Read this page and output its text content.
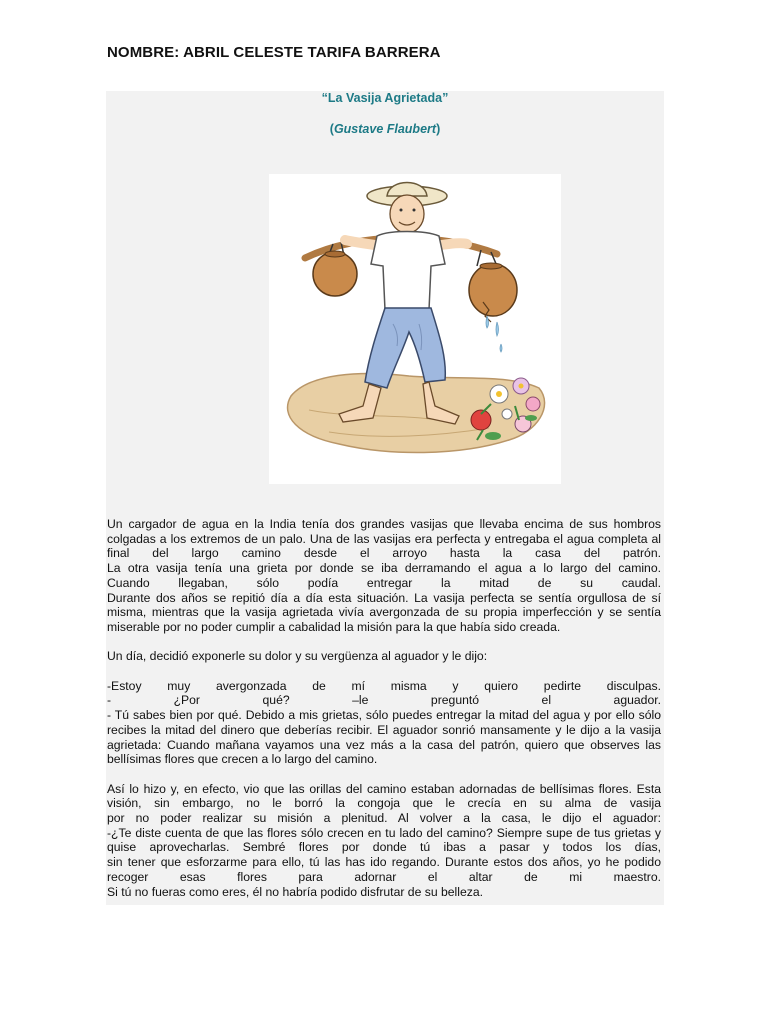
NOMBRE: ABRIL CELESTE TARIFA BARRERA
“La Vasija Agrietada”
(Gustave Flaubert)

Un cargador de agua en la India tenía dos grandes vasijas que llevaba encima de sus hombros
colgadas a los extremos de un palo. Una de las vasijas era perfecta y entregaba el agua completa al
final del largo camino desde el arroyo hasta la casa del patrón.
La otra vasija tenía una grieta por donde se iba derramando el agua a lo largo del camino.
Cuando llegaban, sólo podía entregar la mitad de su caudal.
Durante dos años se repitió día a día esta situación. La vasija perfecta se sentía orgullosa de sí
misma, mientras que la vasija agrietada vivía avergonzada de su propia imperfección y se sentía
miserable por no poder cumplir a cabalidad la misión para la que había sido creada.

Un día, decidió exponerle su dolor y su vergüenza al aguador y le dijo:

-Estoy muy avergonzada de mí misma y quiero pedirte disculpas.
- ¿Por qué? –le preguntó el aguador.
- Tú sabes bien por qué. Debido a mis grietas, sólo puedes entregar la mitad del agua y por ello sólo
recibes la mitad del dinero que deberías recibir. El aguador sonrió mansamente y le dijo a la vasija
agrietada: Cuando mañana vayamos una vez más a la casa del patrón, quiero que observes las
bellísimas flores que crecen a lo largo del camino.

Así lo hizo y, en efecto, vio que las orillas del camino estaban adornadas de bellísimas flores. Esta
visión, sin embargo, no le borró la congoja que le crecía en su alma de vasija
por no poder realizar su misión a plenitud. Al volver a la casa, le dijo el aguador:
-¿Te diste cuenta de que las flores sólo crecen en tu lado del camino? Siempre supe de tus grietas y
quise aprovecharlas. Sembré flores por donde tú ibas a pasar y todos los días,
sin tener que esforzarme para ello, tú las has ido regando. Durante estos dos años, yo he podido
recoger esas flores para adornar el altar de mi maestro.
Si tú no fueras como eres, él no habría podido disfrutar de su belleza.
